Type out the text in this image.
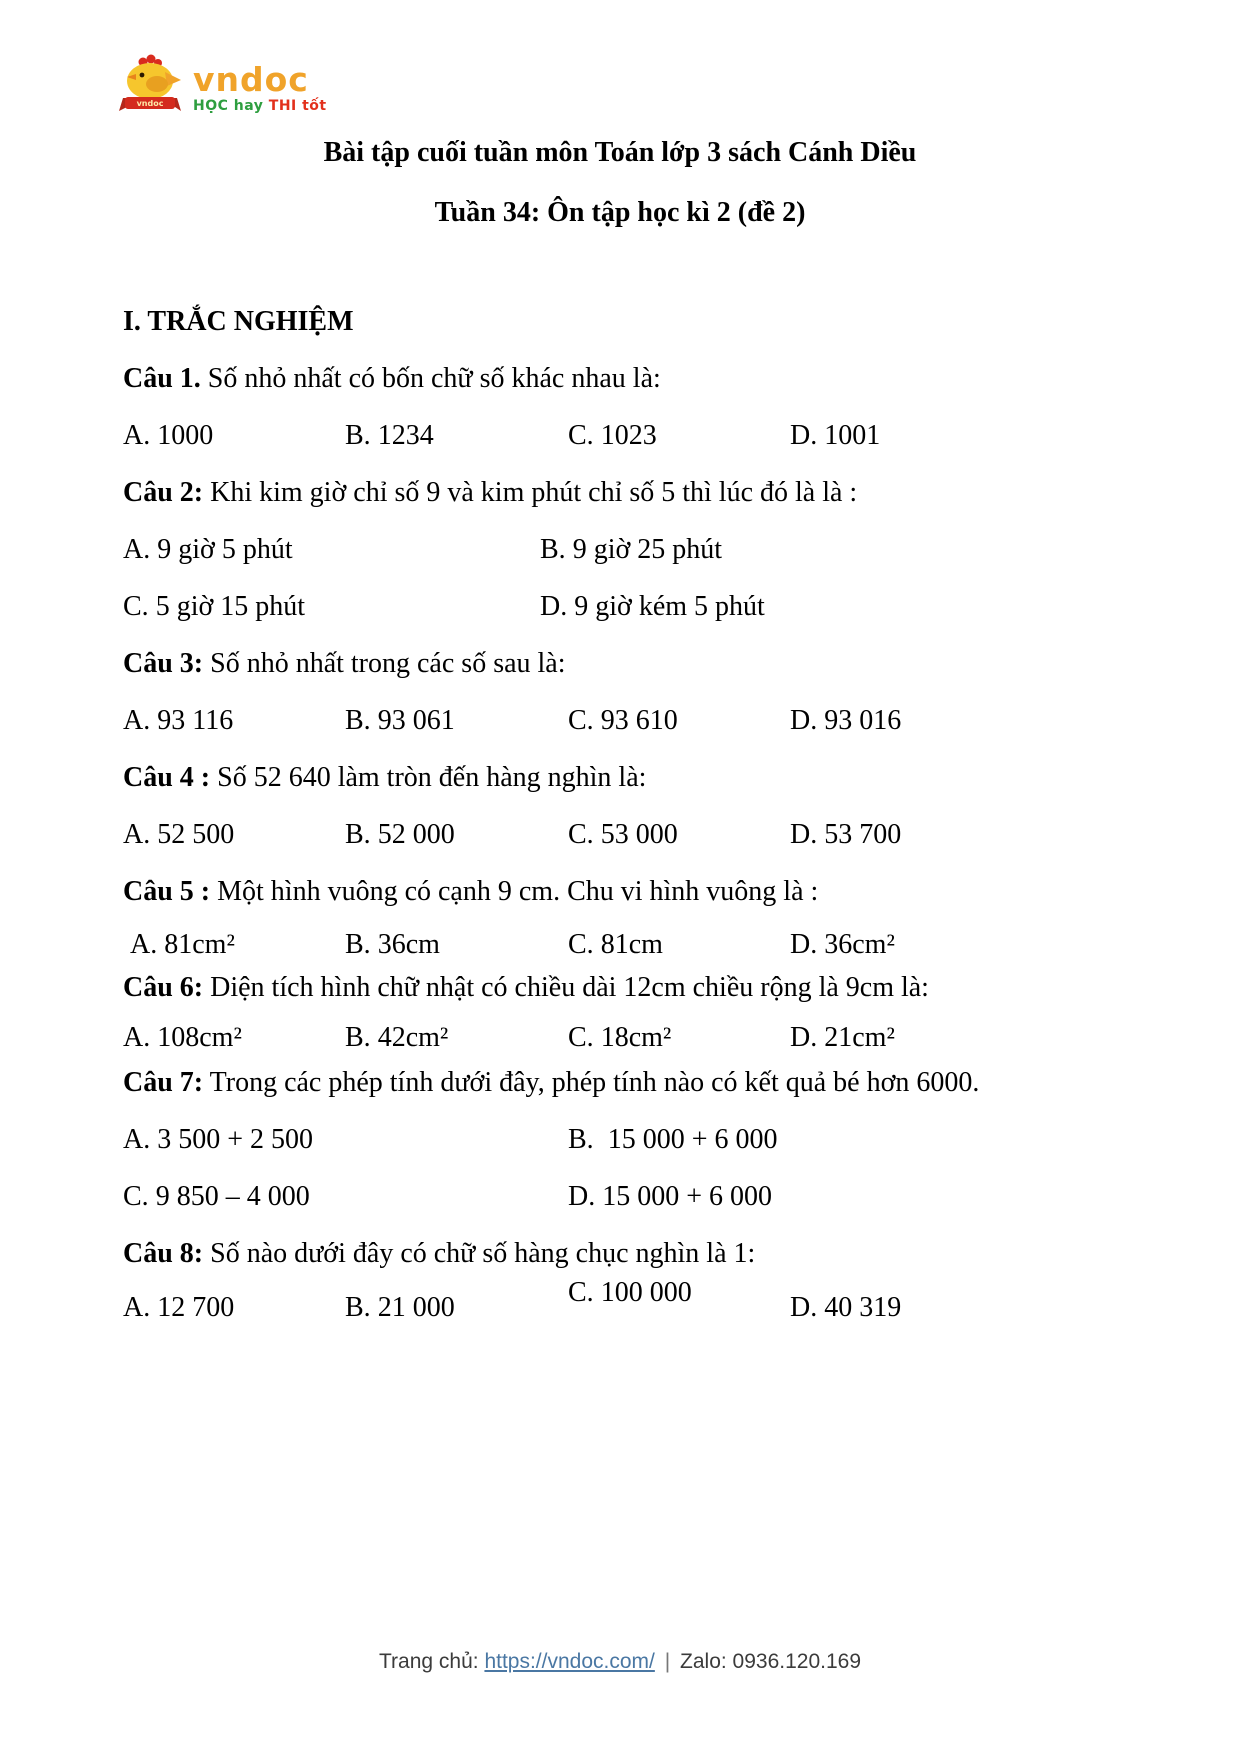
vndoc
vndoc
HỌC hay THI tốt
Bài tập cuối tuần môn Toán lớp 3 sách Cánh Diều
Tuần 34: Ôn tập học kì 2 (đề 2)
I. TRẮC NGHIỆM
Câu 1. Số nhỏ nhất có bốn chữ số khác nhau là:
A. 1000	B. 1234	C. 1023	D. 1001
Câu 2: Khi kim giờ chỉ số 9 và kim phút chỉ số 5 thì lúc đó là là :
A. 9 giờ 5 phút	B. 9 giờ 25 phút
C. 5 giờ 15 phút	D. 9 giờ kém 5 phút
Câu 3: Số nhỏ nhất trong các số sau là:
A. 93 116	B. 93 061	C. 93 610	D. 93 016
Câu 4 : Số 52 640 làm tròn đến hàng nghìn là:
A. 52 500	B. 52 000	C. 53 000	D. 53 700
Câu 5 : Một hình vuông có cạnh 9 cm. Chu vi hình vuông là :
A. 81cm²	B. 36cm	C. 81cm	D. 36cm²
Câu 6: Diện tích hình chữ nhật có chiều dài 12cm chiều rộng là 9cm là:
A. 108cm²	B. 42cm²	C. 18cm²	D. 21cm²
Câu 7: Trong các phép tính dưới đây, phép tính nào có kết quả bé hơn 6000.
A. 3 500 + 2 500	B. 15 000 + 6 000
C. 9 850 – 4 000	D. 15 000 + 6 000
Câu 8: Số nào dưới đây có chữ số hàng chục nghìn là 1:
A. 12 700	B. 21 000	C. 100 000	D. 40 319
Trang chủ: https://vndoc.com/ | Zalo: 0936.120.169
